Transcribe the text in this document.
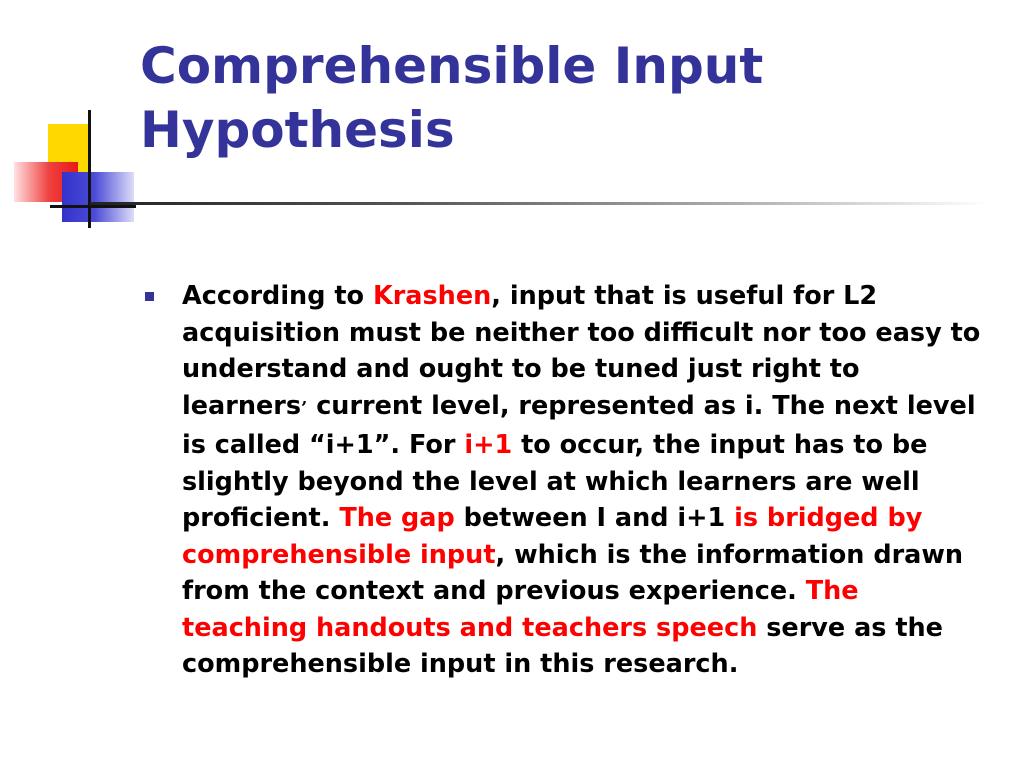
Comprehensible Input
Hypothesis

According to Krashen, input that is useful for L2 acquisition must be neither too difficult nor too easy to understand and ought to be tuned just right to learners’ current level, represented as i. The next level is called “i+1”. For i+1 to occur, the input has to be slightly beyond the level at which learners are well proficient. The gap between I and i+1 is bridged by comprehensible input, which is the information drawn from the context and previous experience. The teaching handouts and teachers speech serve as the comprehensible input in this research.
